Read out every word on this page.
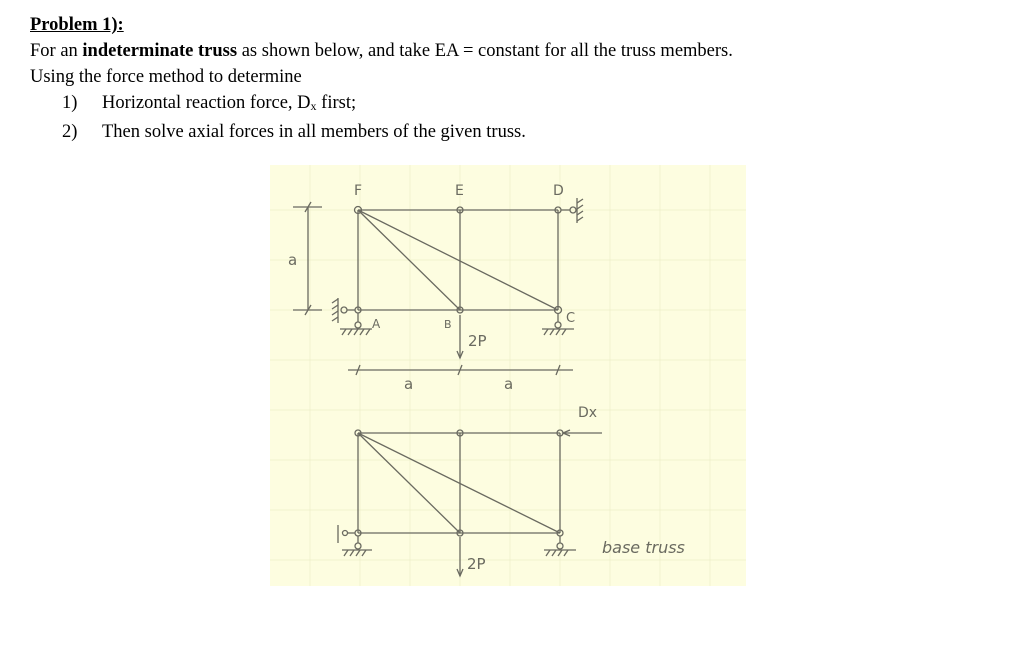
Problem 1):
For an indeterminate truss as shown below, and take EA = constant for all the truss members.
Using the force method to determine
1) Horizontal reaction force, $D_x$ first;
2) Then solve axial forces in all members of the given truss.
F	E	D
A	B	C
a
a	a
2P
Dx
2P
base truss
